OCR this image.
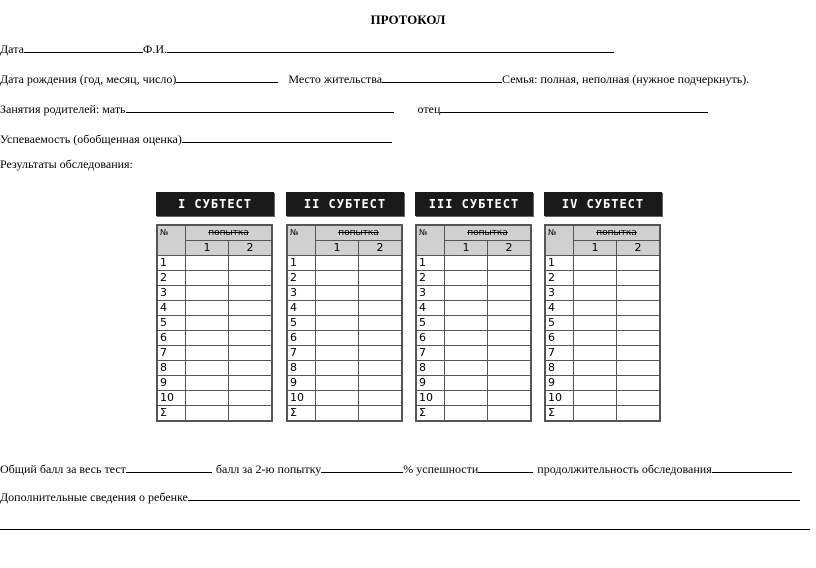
ПРОТОКОЛ
Дата	Ф.И.
Дата рождения (год, месяц, число)	Место жительства	Семья: полная, неполная (нужное подчеркнуть).
Занятия родителей: мать	отец
Успеваемость (обобщенная оценка)
Результаты обследования:
I СУБТЕСТ
№	попытка	
	1	2
1		
2		
3		
4		
5		
6		
7		
8		
9		
10		
Σ		
II СУБТЕСТ
№	попытка	
	1	2
1		
2		
3		
4		
5		
6		
7		
8		
9		
10		
Σ		
III СУБТЕСТ
№	попытка	
	1	2
1		
2		
3		
4		
5		
6		
7		
8		
9		
10		
Σ		
IV СУБТЕСТ
№	попытка	
	1	2
1		
2		
3		
4		
5		
6		
7		
8		
9		
10		
Σ		
Общий балл за весь тест	балл за 2-ю попытку	% успешности	продолжительность обследования
Дополнительные сведения о ребенке
